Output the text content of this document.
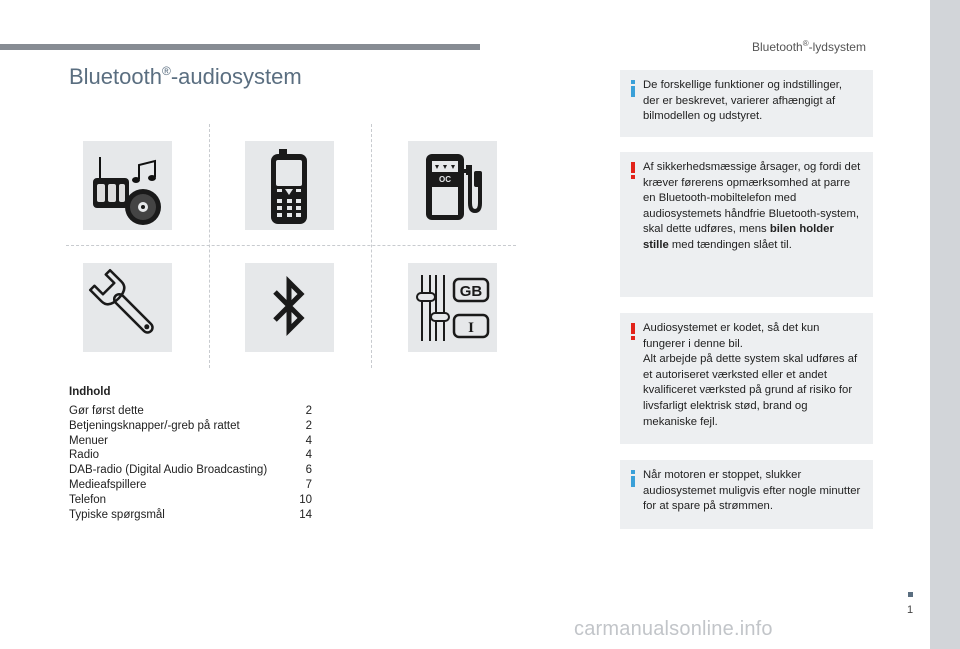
Bluetooth®-lydsystem
Bluetooth®-audiosystem
OC
GB
I
Indhold
Gør først dette	2
Betjeningsknapper/-greb på rattet	2
Menuer	4
Radio	4
DAB-radio (Digital Audio Broadcasting)	6
Medieafspillere	7
Telefon	10
Typiske spørgsmål	14
De forskellige funktioner og indstillinger, der er beskrevet, varierer afhængigt af bilmodellen og udstyret.
Af sikkerhedsmæssige årsager, og fordi det kræver førerens opmærksomhed at parre en Bluetooth-mobiltelefon med audiosystemets håndfrie Bluetooth-system, skal dette udføres, mens bilen holder stille med tændingen slået til.
Audiosystemet er kodet, så det kun fungerer i denne bil.
Alt arbejde på dette system skal udføres af et autoriseret værksted eller et andet kvalificeret værksted på grund af risiko for livsfarligt elektrisk stød, brand og mekaniske fejl.
Når motoren er stoppet, slukker audiosystemet muligvis efter nogle minutter for at spare på strømmen.
1
carmanualsonline.info
